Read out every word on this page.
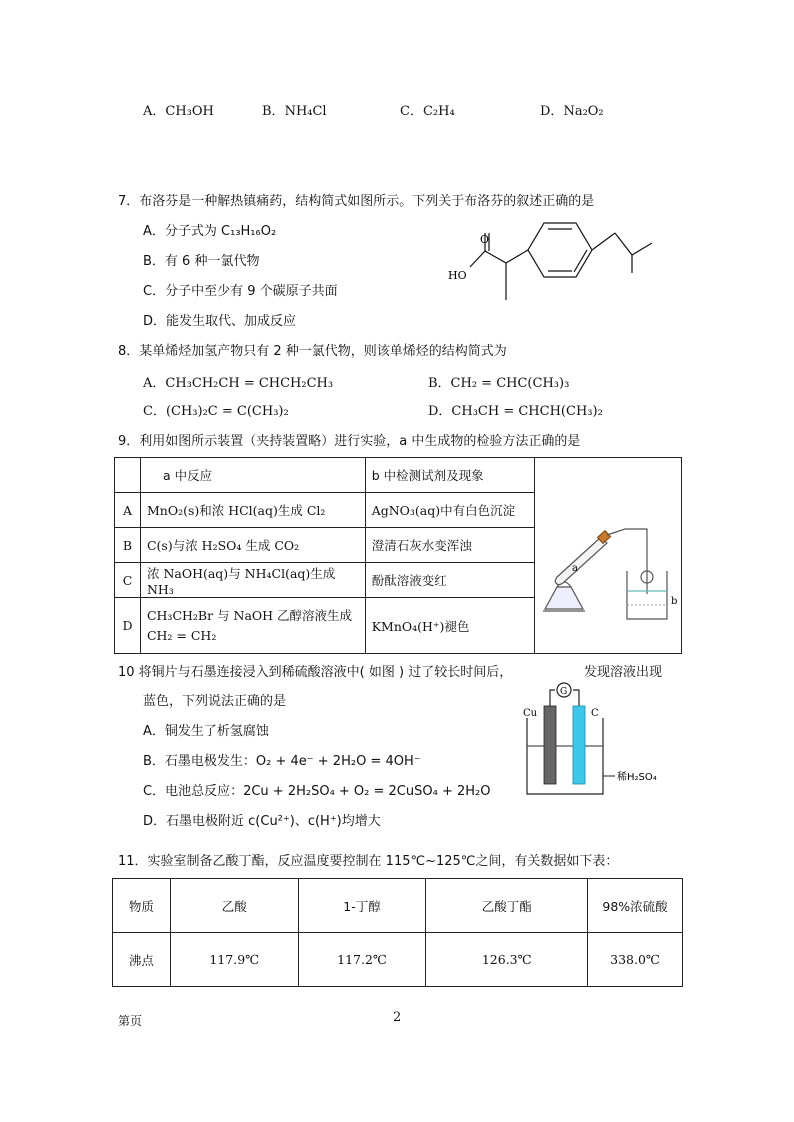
A．CH₃OH	B．NH₄Cl	C．C₂H₄	D．Na₂O₂
7．布洛芬是一种解热镇痛药，结构简式如图所示。下列关于布洛芬的叙述正确的是
A．分子式为 C₁₃H₁₆O₂
B．有 6 种一氯代物
C．分子中至少有 9 个碳原子共面
D．能发生取代、加成反应
O
HO
8．某单烯烃加氢产物只有 2 种一氯代物，则该单烯烃的结构简式为
A．CH₃CH₂CH = CHCH₂CH₃	B．CH₂ = CHC(CH₃)₃
C．(CH₃)₂C = C(CH₃)₂	D．CH₃CH = CHCH(CH₃)₂
9．利用如图所示装置（夹持装置略）进行实验，a 中生成物的检验方法正确的是
	a 中反应	b 中检测试剂及现象	a
b

A	MnO₂(s)和浓 HCl(aq)生成 Cl₂	AgNO₃(aq)中有白色沉淀	
B	C(s)与浓 H₂SO₄ 生成 CO₂	澄清石灰水变浑浊	
C	浓 NaOH(aq)与 NH₄Cl(aq)生成 NH₃	酚酞溶液变红	
D	CH₃CH₂Br 与 NaOH 乙醇溶液生成
CH₂ = CH₂	KMnO₄(H⁺)褪色	
10 将铜片与石墨连接浸入到稀硫酸溶液中( 如图 ) 过了较长时间后，	发现溶液出现
蓝色，下列说法正确的是
A．铜发生了析氢腐蚀
B．石墨电极发生：O₂ + 4e⁻ + 2H₂O = 4OH⁻
C．电池总反应：2Cu + 2H₂SO₄ + O₂ = 2CuSO₄ + 2H₂O
D．石墨电极附近 c(Cu²⁺)、c(H⁺)均增大
G
Cu	C
稀H₂SO₄
11．实验室制备乙酸丁酯，反应温度要控制在 115℃~125℃之间，有关数据如下表：
物质	乙酸	1-丁醇	乙酸丁酯	98%浓硫酸
沸点	117.9℃	117.2℃	126.3℃	338.0℃
第页	2
